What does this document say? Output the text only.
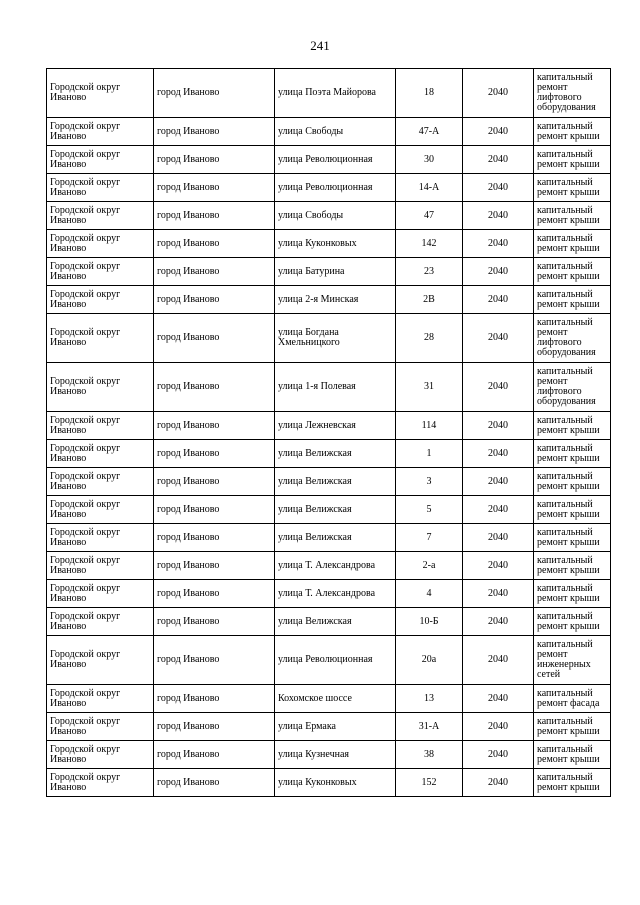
241
Городской округ Иваново	город Иваново	улица Поэта Майорова	18	2040	капитальный ремонт лифтового оборудования
Городской округ Иваново	город Иваново	улица Свободы	47-А	2040	капитальный ремонт крыши
Городской округ Иваново	город Иваново	улица Революционная	30	2040	капитальный ремонт крыши
Городской округ Иваново	город Иваново	улица Революционная	14-А	2040	капитальный ремонт крыши
Городской округ Иваново	город Иваново	улица Свободы	47	2040	капитальный ремонт крыши
Городской округ Иваново	город Иваново	улица Куконковых	142	2040	капитальный ремонт крыши
Городской округ Иваново	город Иваново	улица Батурина	23	2040	капитальный ремонт крыши
Городской округ Иваново	город Иваново	улица 2-я Минская	2В	2040	капитальный ремонт крыши
Городской округ Иваново	город Иваново	улица Богдана Хмельницкого	28	2040	капитальный ремонт лифтового оборудования
Городской округ Иваново	город Иваново	улица 1-я Полевая	31	2040	капитальный ремонт лифтового оборудования
Городской округ Иваново	город Иваново	улица Лежневская	114	2040	капитальный ремонт крыши
Городской округ Иваново	город Иваново	улица Велижская	1	2040	капитальный ремонт крыши
Городской округ Иваново	город Иваново	улица Велижская	3	2040	капитальный ремонт крыши
Городской округ Иваново	город Иваново	улица Велижская	5	2040	капитальный ремонт крыши
Городской округ Иваново	город Иваново	улица Велижская	7	2040	капитальный ремонт крыши
Городской округ Иваново	город Иваново	улица Т. Александрова	2-а	2040	капитальный ремонт крыши
Городской округ Иваново	город Иваново	улица Т. Александрова	4	2040	капитальный ремонт крыши
Городской округ Иваново	город Иваново	улица Велижская	10-Б	2040	капитальный ремонт крыши
Городской округ Иваново	город Иваново	улица Революционная	20а	2040	капитальный ремонт инженерных сетей
Городской округ Иваново	город Иваново	Кохомское шоссе	13	2040	капитальный ремонт фасада
Городской округ Иваново	город Иваново	улица Ермака	31-А	2040	капитальный ремонт крыши
Городской округ Иваново	город Иваново	улица Кузнечная	38	2040	капитальный ремонт крыши
Городской округ Иваново	город Иваново	улица Куконковых	152	2040	капитальный ремонт крыши
